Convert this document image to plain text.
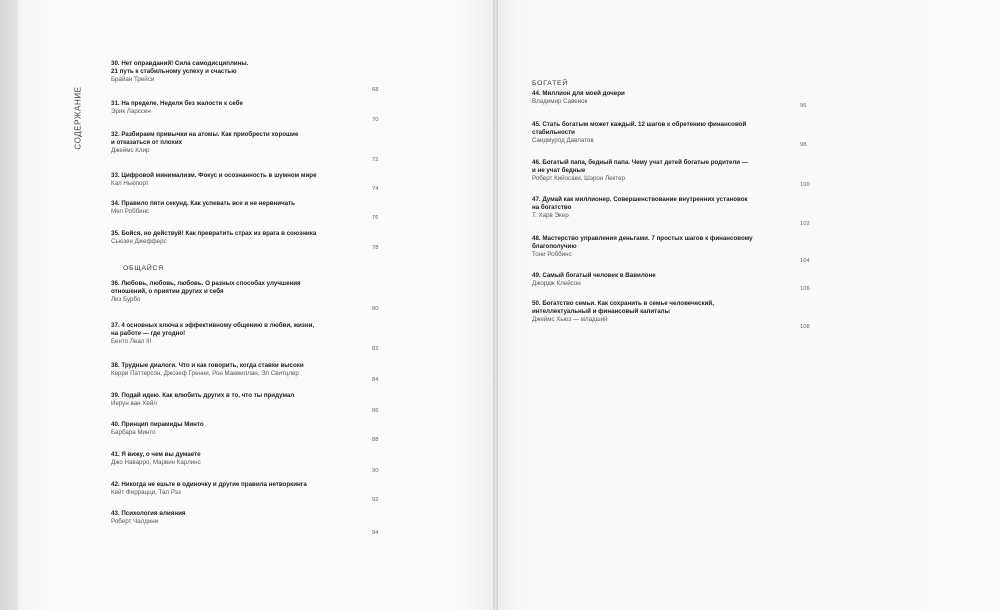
СОДЕРЖАНИЕ
30. Нет оправданий! Сила самодисциплины.
21 путь к стабильному успеху и счастью
Брайан Трейси
68
31. На пределе. Неделя без жалости к себе
Эрик Ларссен
70
32. Разбираем привычки на атомы. Как приобрести хорошие
и отказаться от плохих
Джеймс Клир
72
33. Цифровой минимализм. Фокус и осознанность в шумном мире
Кал Ньюпорт
74
34. Правило пяти секунд. Как успевать все и не нервничать
Мел Роббинс
76
35. Бойся, но действуй! Как превратить страх из врага в союзника
Сьюзен Джефферс
78
36. Любовь, любовь, любовь. О разных способах улучшения
отношений, о приятии других и себя
Лиз Бурбо
80
37. 4 основных ключа к эффективному общению в любви, жизни,
на работе — где угодно!
Бенто Леал III
82
38. Трудные диалоги. Что и как говорить, когда ставки высоки
Керри Паттерсон, Джозеф Гренни, Рон Макмиллан, Эл Свитцлер
84
39. Подай идею. Как влюбить других в то, что ты придумал
Иерун ван Хейл
86
40. Принцип пирамиды Минто
Барбара Минто
88
41. Я вижу, о чем вы думаете
Джо Наварро, Марвин Карлинс
90
42. Никогда не ешьте в одиночку и другие правила нетворкинга
Кейт Феррацци, Тал Рэз
92
43. Психология влияния
Роберт Чалдини
94
ОБЩАЙСЯ
БОГАТЕЙ
44. Миллион для моей дочери
Владимир Савенок
96
45. Стать богатым может каждый. 12 шагов к обретению финансовой
стабильности
Саидмурод Давлатов
98
46. Богатый папа, бедный папа. Чему учат детей богатые родители —
и не учат бедные
Роберт Кийосаки, Шэрон Лектер
100
47. Думай как миллионер. Совершенствование внутренних установок
на богатство
Т. Харв Экер
102
48. Мастерство управления деньгами. 7 простых шагов к финансовому
благополучию
Тони Роббинс
104
49. Самый богатый человек в Вавилоне
Джордж Клейсон
106
50. Богатство семьи. Как сохранить в семье человеческий,
интеллектуальный и финансовый капиталы
Джеймс Хьюз — младший
108
